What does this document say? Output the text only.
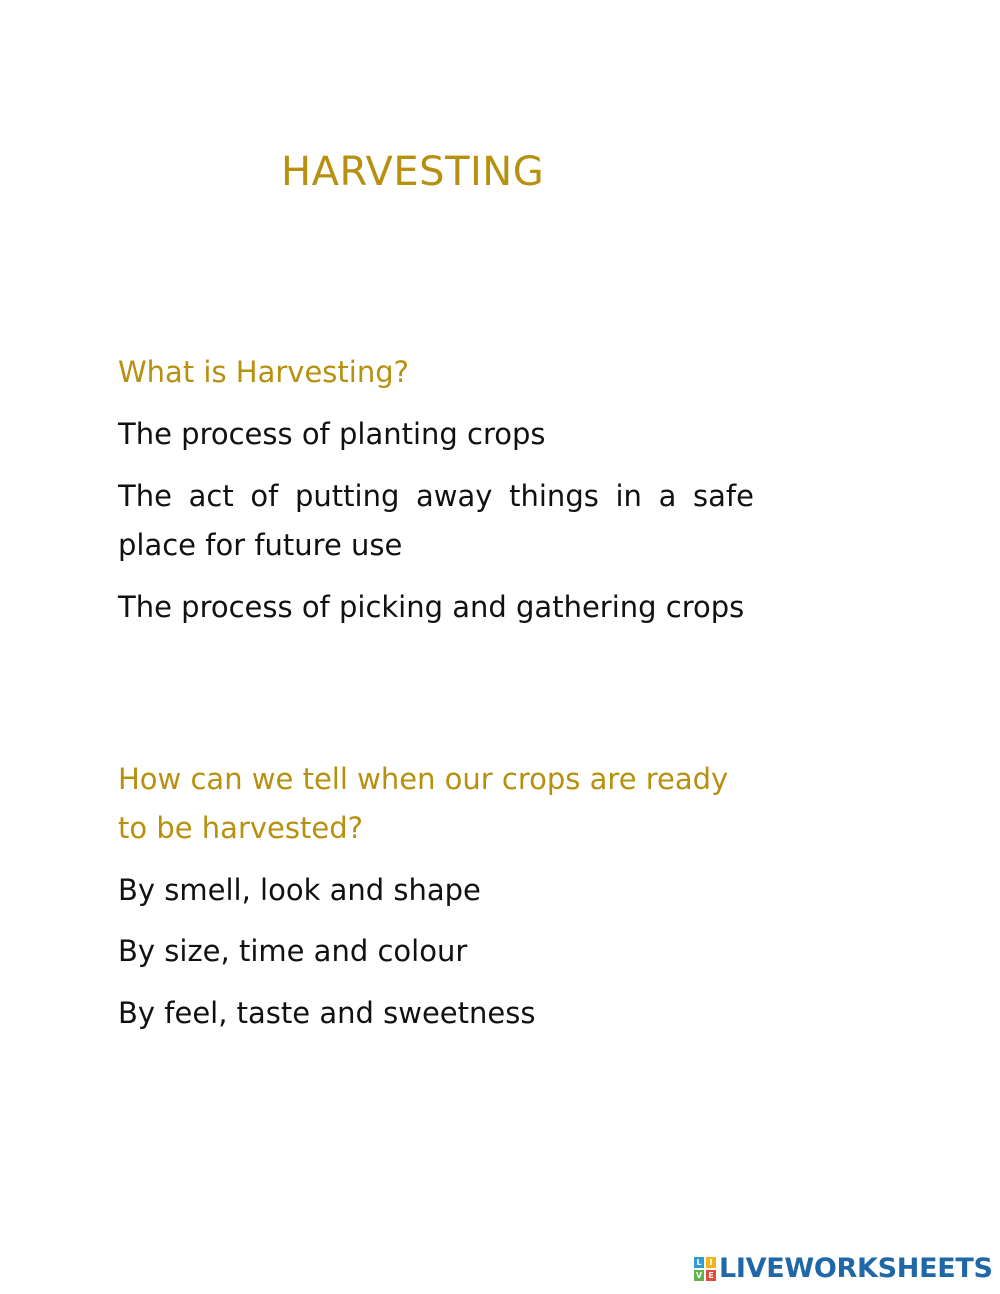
HARVESTING

What is Harvesting?

The process of planting crops

The act of putting away things in a safe place for future use

The process of picking and gathering crops

How can we tell when our crops are ready to be harvested?

By smell, look and shape

By size, time and colour

By feel, taste and sweetness

L I
V E LIVEWORKSHEETS
